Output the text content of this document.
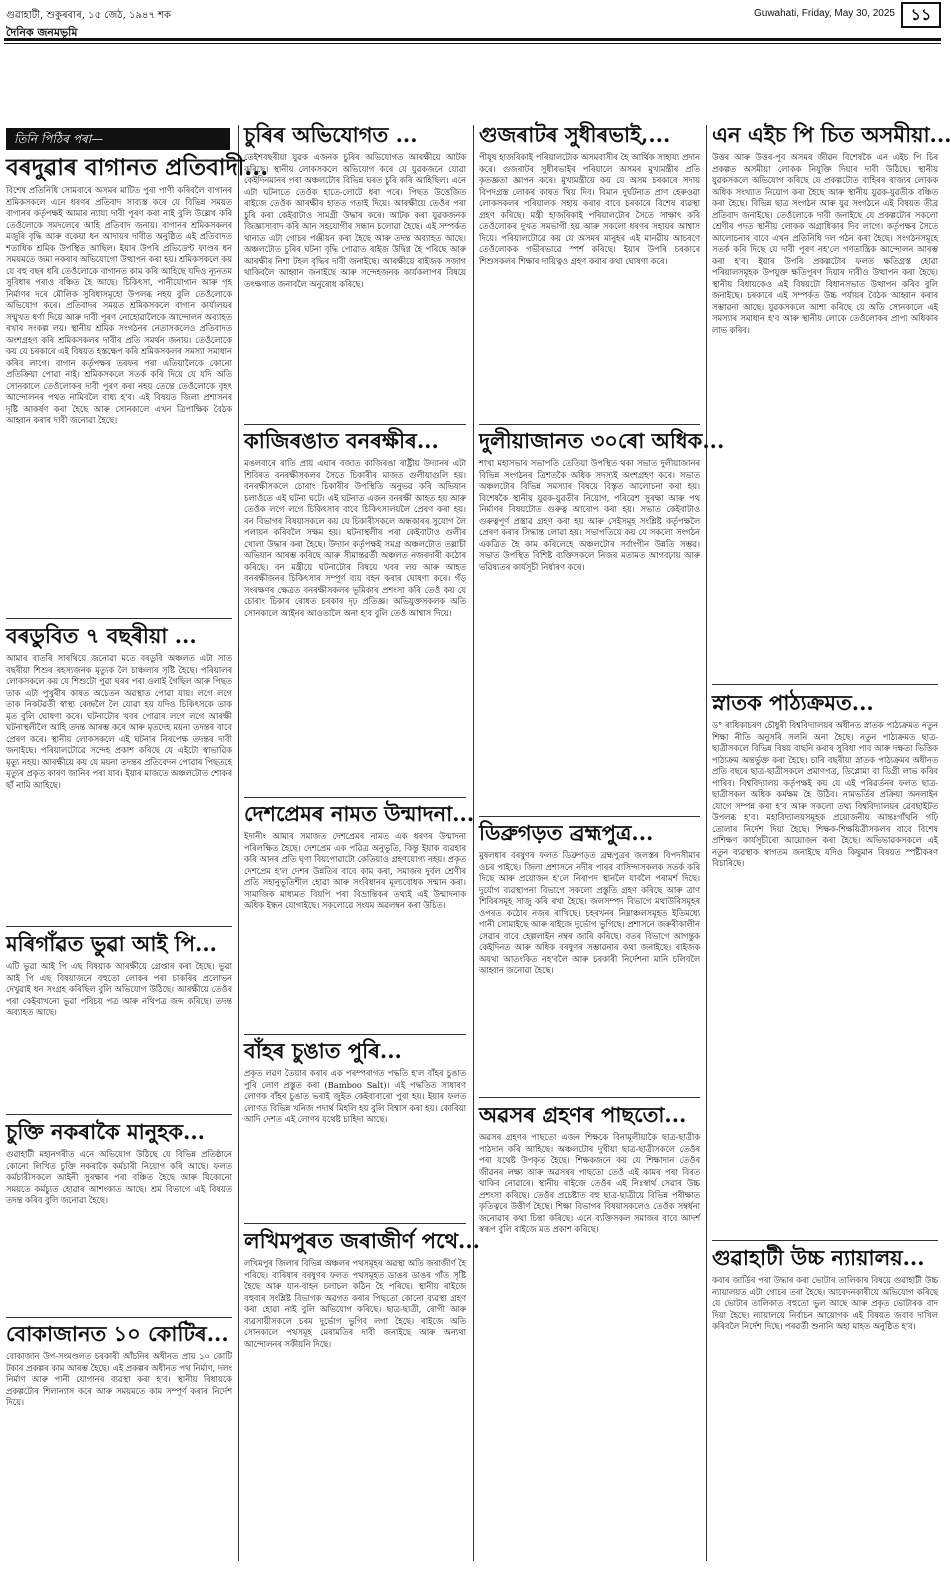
গুৱাহাটী, শুকুৰবাৰ, ১৫ জেঠ, ১৯৪৭ শক	Guwahati, Friday, May 30, 2025 ১১
দৈনিক জনমভূমি
তিনি পিঠিৰ পৰা—
বৰদুৱাৰ বাগানত প্ৰতিবাদী...

বিশেষ প্ৰতিনিধি সোমবাৰে অসমৰ মাটিত পুৰা পাণী কৰিবলৈ বাগানৰ শ্ৰমিকসকলে এনে ধৰণৰ প্ৰতিবাদ সাব্যস্ত কৰে যে বিভিন্ন সময়ত বাগানৰ কৰ্তৃপক্ষই আমাৰ ন্যায্য দাবী পূৰণ কৰা নাই বুলি উল্লেখ কৰি তেওঁলোকে সমদলেৰে আহি প্ৰতিবাদ জনায়। বাগানৰ শ্ৰমিকসকলৰ মজুৰি বৃদ্ধি আৰু বকেয়া ধন আদায়ৰ দাবীত অনুষ্ঠিত এই প্ৰতিবাদত শতাধিক শ্ৰমিক উপস্থিত আছিল। ইয়াৰ উপৰি প্ৰভিডেণ্ট ফাণ্ডৰ ধন সময়মতে জমা নকৰাৰ অভিযোগো উত্থাপন কৰা হয়। শ্ৰমিকসকলে কয় যে বহু বছৰ ধৰি তেওঁলোকে বাগানত কাম কৰি আহিছে যদিও ন্যূনতম সুবিধাৰ পৰাও বঞ্চিত হৈ আছে। চিকিৎসা, পানীযোগান আৰু গৃহ নিৰ্মাণৰ দৰে মৌলিক সুবিধাসমূহো উপলব্ধ নহয় বুলি তেওঁলোকে অভিযোগ কৰে। প্ৰতিবাদৰ সময়ত শ্ৰমিকসকলে বাগান কাৰ্যালয়ৰ সন্মুখত ধৰ্ণা দিয়ে আৰু দাবী পূৰণ নোহোৱালৈকে আন্দোলন অব্যাহত ৰখাৰ সংকল্প লয়। স্থানীয় শ্ৰমিক সংগঠনৰ নেতাসকলেও প্ৰতিবাদত অংশগ্ৰহণ কৰি শ্ৰমিকসকলৰ দাবীৰ প্ৰতি সমৰ্থন জনায়। তেওঁলোকে কয় যে চৰকাৰে এই বিষয়ত হস্তক্ষেপ কৰি শ্ৰমিকসকলৰ সমস্যা সমাধান কৰিব লাগে। বাগান কৰ্তৃপক্ষৰ তৰফৰ পৰা এতিয়ালৈকে কোনো প্ৰতিক্ৰিয়া পোৱা নাই। শ্ৰমিকসকলে সতৰ্ক কৰি দিয়ে যে যদি অতি সোনকালে তেওঁলোকৰ দাবী পূৰণ কৰা নহয় তেন্তে তেওঁলোকে বৃহৎ আন্দোলনৰ পথত নামিবলৈ বাধ্য হ'ব। এই বিষয়ত জিলা প্ৰশাসনৰ দৃষ্টি আকৰ্ষণ কৰা হৈছে আৰু সোনকালে এখন ত্ৰিপাক্ষিক বৈঠক আহ্বান কৰাৰ দাবী জনোৱা হৈছে।

বৰডুবিত ৭ বছৰীয়া ...

আমাৰ বাতৰি সাৰথিয়ে জনোৱা মতে বৰডুবি অঞ্চলত এটা সাত বছৰীয়া শিশুৰ ৰহস্যজনক মৃত্যুক লৈ চাঞ্চল্যৰ সৃষ্টি হৈছে। পৰিয়ালৰ লোকসকলে কয় যে শিশুটো পুৱা ঘৰৰ পৰা ওলাই গৈছিল আৰু পিছত তাক এটা পুখুৰীৰ কাষত অচেতন অৱস্থাত পোৱা যায়। লগে লগে তাক নিকটৱৰ্তী স্বাস্থ্য কেন্দ্ৰলৈ লৈ যোৱা হয় যদিও চিকিৎসকে তাক মৃত বুলি ঘোষণা কৰে। ঘটনাটোৰ খবৰ পোৱাৰ লগে লগে আৰক্ষী ঘটনাস্থলীলৈ আহি তদন্ত আৰম্ভ কৰে আৰু মৃতদেহ ময়না তদন্তৰ বাবে প্ৰেৰণ কৰে। স্থানীয় লোকসকলে এই ঘটনাৰ নিৰপেক্ষ তদন্তৰ দাবী জনাইছে। পৰিয়ালটোৱে সন্দেহ প্ৰকাশ কৰিছে যে এইটো স্বাভাৱিক মৃত্যু নহয়। আৰক্ষীয়ে কয় যে ময়না তদন্তৰ প্ৰতিবেদন পোৱাৰ পিছতহে মৃত্যুৰ প্ৰকৃত কাৰণ জানিব পৰা যাব। ইয়াৰ মাজতে অঞ্চলটোত শোকৰ ছাঁ নামি আহিছে।

মৰিগাঁৱত ভুৱা আই পি...

এটি ভুৱা আই পি এছ বিষয়াক আৰক্ষীয়ে গ্ৰেপ্তাৰ কৰা হৈছে। ভুৱা আই পি এছ বিষয়াজনে বহুতো লোকৰ পৰা চাকৰিৰ প্ৰলোভন দেখুৱাই ধন সংগ্ৰহ কৰিছিল বুলি অভিযোগ উঠিছে। আৰক্ষীয়ে তেওঁৰ পৰা কেইবাখনো ভুৱা পৰিচয় পত্ৰ আৰু নথিপত্ৰ জব্দ কৰিছে। তদন্ত অব্যাহত আছে।

চুক্তি নকৰাকৈ মানুহক...

গুৱাহাটী মহানগৰীত এনে অভিযোগ উঠিছে যে বিভিন্ন প্ৰতিষ্ঠানে কোনো লিখিত চুক্তি নকৰাকৈ কৰ্মচাৰী নিয়োগ কৰি আছে। ফলত কৰ্মচাৰীসকলে আইনী সুৰক্ষাৰ পৰা বঞ্চিত হৈছে আৰু যিকোনো সময়তে কৰ্মচ্যুত হোৱাৰ আশংকাত আছে। শ্ৰম বিভাগে এই বিষয়ত তদন্ত কৰিব বুলি জনোৱা হৈছে।

বোকাজানত ১০ কোটিৰ...

বোকাজান উপ-সংমণ্ডলত চৰকাৰী আঁচনিৰ অধীনত প্ৰায় ১০ কোটি টকাৰ প্ৰকল্পৰ কাম আৰম্ভ হৈছে। এই প্ৰকল্পৰ অধীনত পথ নিৰ্মাণ, দলং নিৰ্মাণ আৰু পানী যোগানৰ ব্যৱস্থা কৰা হ'ব। স্থানীয় বিধায়কে প্ৰকল্পটোৰ শিলান্যাস কৰে আৰু সময়মতে কাম সম্পূৰ্ণ কৰাৰ নিৰ্দেশ দিয়ে।

চুৰিৰ অভিযোগত ...

তেইশবছৰীয়া যুৱক এজনক চুৰিৰ অভিযোগত আৰক্ষীয়ে আটক কৰিছে। স্থানীয় লোকসকলে অভিযোগ কৰে যে যুৱকজনে যোৱা কেইদিনমানৰ পৰা অঞ্চলটোৰ বিভিন্ন ঘৰত চুৰি কৰি আহিছিল। এনে এটা ঘটনাতে তেওঁক হাতে-লোটে ধৰা পৰে। পিছত উত্তেজিত ৰাইজে তেওঁক আৰক্ষীৰ হাতত গতাই দিয়ে। আৰক্ষীয়ে তেওঁৰ পৰা চুৰি কৰা কেইবাটাও সামগ্ৰী উদ্ধাৰ কৰে। আটক কৰা যুৱকজনক জিজ্ঞাসাবাদ কৰি আন সহযোগীৰ সন্ধান চলোৱা হৈছে। এই সম্পৰ্কত থানাত এটা গোচৰ পঞ্জীয়ন কৰা হৈছে আৰু তদন্ত অব্যাহত আছে। অঞ্চলটোত চুৰিৰ ঘটনা বৃদ্ধি পোৱাত ৰাইজ উদ্বিগ্ন হৈ পৰিছে আৰু আৰক্ষীৰ নিশা টহল বৃদ্ধিৰ দাবী জনাইছে। আৰক্ষীয়ে ৰাইজক সজাগ থাকিবলৈ আহ্বান জনাইছে আৰু সন্দেহজনক কাৰ্যকলাপৰ বিষয়ে তৎক্ষণাত জনাবলৈ অনুৰোধ কৰিছে।

কাজিৰঙাত বনৰক্ষীৰ...

মঙলবাৰে ৰাতি প্ৰায় এঘাৰ বজাত কাজিৰঙা ৰাষ্ট্ৰীয় উদ্যানৰ এটা শিবিৰত বনৰক্ষীসকলৰ সৈতে চিকাৰীৰ মাজত গুলীয়াগুলি হয়। বনৰক্ষীসকলে চোৰাং চিকাৰীৰ উপস্থিতি অনুভৱ কৰি অভিযান চলাওঁতে এই ঘটনা ঘটে। এই ঘটনাত এজন বনৰক্ষী আহত হয় আৰু তেওঁক লগে লগে চিকিৎসাৰ বাবে চিকিৎসালয়লৈ প্ৰেৰণ কৰা হয়। বন বিভাগৰ বিষয়াসকলে কয় যে চিকাৰীসকলে অন্ধকাৰৰ সুযোগ লৈ পলায়ন কৰিবলৈ সক্ষম হয়। ঘটনাস্থলীৰ পৰা কেইবাটাও গুলীৰ খোলা উদ্ধাৰ কৰা হৈছে। উদ্যান কৰ্তৃপক্ষই সমগ্ৰ অঞ্চলটোত তল্লাচী অভিযান আৰম্ভ কৰিছে আৰু সীমান্তৱৰ্তী অঞ্চলত নজৰদাৰী কঠোৰ কৰিছে। বন মন্ত্ৰীয়ে ঘটনাটোৰ বিষয়ে খবৰ লয় আৰু আহত বনৰক্ষীজনৰ চিকিৎসাৰ সম্পূৰ্ণ ব্যয় বহন কৰাৰ ঘোষণা কৰে। গঁড় সংৰক্ষণৰ ক্ষেত্ৰত বনৰক্ষীসকলৰ ভূমিকাৰ প্ৰশংসা কৰি তেওঁ কয় যে চোৰাং চিকাৰ ৰোধত চৰকাৰ দৃঢ় প্ৰতিজ্ঞ। অভিযুক্তসকলক অতি সোনকালে আইনৰ আওতালৈ অনা হ'ব বুলি তেওঁ আশ্বাস দিয়ে।

দেশপ্ৰেমৰ নামত উন্মাদনা...

ইদানীং আমাৰ সমাজত দেশপ্ৰেমৰ নামত এক ধৰণৰ উন্মাদনা পৰিলক্ষিত হৈছে। দেশপ্ৰেম এক পৱিত্ৰ অনুভূতি, কিন্তু ইয়াক ব্যৱহাৰ কৰি আনৰ প্ৰতি ঘৃণা বিয়পোৱাটো কেতিয়াও গ্ৰহণযোগ্য নহয়। প্ৰকৃত দেশপ্ৰেম হ'ল দেশৰ উন্নতিৰ বাবে কাম কৰা, সমাজৰ দুৰ্বল শ্ৰেণীৰ প্ৰতি সহানুভূতিশীল হোৱা আৰু সংবিধানৰ মূল্যবোধক সন্মান কৰা। সামাজিক মাধ্যমত বিয়পি পৰা বিভ্ৰান্তিকৰ তথ্যই এই উন্মাদনাক অধিক ইন্ধন যোগাইছে। সকলোৱে সংযম অৱলম্বন কৰা উচিত।

বাঁহৰ চুঙাত পুৰি...

প্ৰকৃত লৱণ তৈয়াৰ কৰাৰ এক পৰম্পৰাগত পদ্ধতি হ'ল বাঁহৰ চুঙাত পুৰি লোণ প্ৰস্তুত কৰা (Bamboo Salt)। এই পদ্ধতিত সাধাৰণ লোণক বাঁহৰ চুঙাত ভৰাই জুইত কেইবাবাৰো পুৰা হয়। ইয়াৰ ফলত লোণত বিভিন্ন খনিজ পদাৰ্থ মিহলি হয় বুলি বিশ্বাস কৰা হয়। কোৰিয়া আদি দেশত এই লোণৰ যথেষ্ট চাহিদা আছে।

লখিমপুৰত জৰাজীৰ্ণ পথে...

লখিমপুৰ জিলাৰ বিভিন্ন অঞ্চলৰ পথসমূহৰ অৱস্থা অতি জৰাজীৰ্ণ হৈ পৰিছে। বাৰিষাৰ বৰষুণৰ ফলত পথসমূহত ডাঙৰ ডাঙৰ গাঁত সৃষ্টি হৈছে আৰু যান-বাহন চলাচল কঠিন হৈ পৰিছে। স্থানীয় ৰাইজে বহুবাৰ সংশ্লিষ্ট বিভাগক অৱগত কৰাৰ পিছতো কোনো ব্যৱস্থা গ্ৰহণ কৰা হোৱা নাই বুলি অভিযোগ কৰিছে। ছাত্ৰ-ছাত্ৰী, ৰোগী আৰু ব্যৱসায়ীসকলে চৰম দুৰ্ভোগ ভুগিব লগা হৈছে। ৰাইজে অতি সোনকালে পথসমূহ মেৰামতিৰ দাবী জনাইছে আৰু অন্যথা আন্দোলনৰ সকীয়নি দিছে।

গুজৰাটৰ সুধীৰভাই,...

পীযূষ হাজৰিকাই পৰিয়ালটোক অসমবাসীৰ হৈ আৰ্থিক সাহায্য প্ৰদান কৰে। গুজৰাটৰ সুধীৰভাইৰ পৰিয়ালে অসমৰ মুখ্যমন্ত্ৰীৰ প্ৰতি কৃতজ্ঞতা জ্ঞাপন কৰে। মুখ্যমন্ত্ৰীয়ে কয় যে অসম চৰকাৰে সদায় বিপদগ্ৰস্ত লোকৰ কাষত থিয় দিব। বিমান দুৰ্ঘটনাত প্ৰাণ হেৰুওৱা লোকসকলৰ পৰিয়ালক সহায় কৰাৰ বাবে চৰকাৰে বিশেষ ব্যৱস্থা গ্ৰহণ কৰিছে। মন্ত্ৰী হাজৰিকাই পৰিয়ালটোৰ সৈতে সাক্ষাৎ কৰি তেওঁলোকৰ দুখত সমভাগী হয় আৰু সকলো ধৰণৰ সহায়ৰ আশ্বাস দিয়ে। পৰিয়ালটোৱে কয় যে অসমৰ মানুহৰ এই মানৱীয় আচৰণে তেওঁলোকক গভীৰভাৱে স্পৰ্শ কৰিছে। ইয়াৰ উপৰি চৰকাৰে শিশুসকলৰ শিক্ষাৰ দায়িত্বও গ্ৰহণ কৰাৰ কথা ঘোষণা কৰে।

দুলীয়াজানত ৩০ৰো অধিক...

শাখা মহাসভাৰ সভাপতি তেতিয়া উপস্থিত থকা সভাত দুলীয়াজানৰ বিভিন্ন সংগঠনৰ ত্ৰিশতকৈ অধিক সদস্যই অংশগ্ৰহণ কৰে। সভাত অঞ্চলটোৰ বিভিন্ন সমস্যাৰ বিষয়ে বিস্তৃত আলোচনা কৰা হয়। বিশেষকৈ স্থানীয় যুৱক-যুৱতীৰ নিয়োগ, পৰিৱেশ সুৰক্ষা আৰু পথ নিৰ্মাণৰ বিষয়টোত গুৰুত্ব আৰোপ কৰা হয়। সভাত কেইবাটাও গুৰুত্বপূৰ্ণ প্ৰস্তাৱ গ্ৰহণ কৰা হয় আৰু সেইসমূহ সংশ্লিষ্ট কৰ্তৃপক্ষলৈ প্ৰেৰণ কৰাৰ সিদ্ধান্ত লোৱা হয়। সভাপতিয়ে কয় যে সকলো সংগঠন একত্ৰিত হৈ কাম কৰিলেহে অঞ্চলটোৰ সৰ্বাংগীন উন্নতি সম্ভৱ। সভাত উপস্থিত বিশিষ্ট ব্যক্তিসকলে নিজৰ মতামত আগবঢ়ায় আৰু ভৱিষ্যতৰ কাৰ্যসূচী নিৰ্ধাৰণ কৰে।

ডিব্ৰুগড়ত ব্ৰহ্মপুত্ৰ...

মুষলধাৰ বৰষুণৰ ফলত ডিব্ৰুগড়ত ব্ৰহ্মপুত্ৰৰ জলস্তৰ বিপদসীমাৰ ওচৰ পাইছে। জিলা প্ৰশাসনে নদীৰ পাৰৰ বাসিন্দাসকলক সতৰ্ক কৰি দিছে আৰু প্ৰয়োজন হ'লে নিৰাপদ স্থানলৈ যাবলৈ পৰামৰ্শ দিছে। দুৰ্যোগ ব্যৱস্থাপনা বিভাগে সকলো প্ৰস্তুতি গ্ৰহণ কৰিছে আৰু ত্ৰাণ শিবিৰসমূহ সাজু কৰি ৰখা হৈছে। জলসম্পদ বিভাগে মথাউৰিসমূহৰ ওপৰত কঠোৰ নজৰ ৰাখিছে। চহৰখনৰ নিম্নাঞ্চলসমূহত ইতিমধ্যে পানী সোমাইছে আৰু ৰাইজে দুৰ্ভোগ ভুগিছে। প্ৰশাসনে জৰুৰীকালীন সেৱাৰ বাবে হেল্পলাইন নম্বৰ জাৰি কৰিছে। বতৰ বিভাগে আগন্তুক কেইদিনত আৰু অধিক বৰষুণৰ সম্ভাৱনাৰ কথা জনাইছে। ৰাইজক অযথা আতংকিত নহ'বলৈ আৰু চৰকাৰী নিৰ্দেশনা মানি চলিবলৈ আহ্বান জনোৱা হৈছে।

অৱসৰ গ্ৰহণৰ পাছতো...

অৱসৰ গ্ৰহণৰ পাছতো এজন শিক্ষকে বিনামূলীয়াকৈ ছাত্ৰ-ছাত্ৰীক পাঠদান কৰি আহিছে। অঞ্চলটোৰ দুখীয়া ছাত্ৰ-ছাত্ৰীসকলে তেওঁৰ পৰা যথেষ্ট উপকৃত হৈছে। শিক্ষকজনে কয় যে শিক্ষাদান তেওঁৰ জীৱনৰ লক্ষ্য আৰু অৱসৰৰ পাছতো তেওঁ এই কামৰ পৰা বিৰত থাকিব নোৱাৰে। স্থানীয় ৰাইজে তেওঁৰ এই নিঃস্বাৰ্থ সেৱাৰ উচ্চ প্ৰশংসা কৰিছে। তেওঁৰ প্ৰচেষ্টাত বহু ছাত্ৰ-ছাত্ৰীয়ে বিভিন্ন পৰীক্ষাত কৃতিত্বৰে উত্তীৰ্ণ হৈছে। শিক্ষা বিভাগৰ বিষয়াসকলেও তেওঁক সম্বৰ্ধনা জনোৱাৰ কথা চিন্তা কৰিছে। এনে ব্যক্তিসকল সমাজৰ বাবে আদৰ্শ স্বৰূপ বুলি ৰাইজে মত প্ৰকাশ কৰিছে।

এন এইচ পি চিত অসমীয়া...

উত্তৰ আৰু উত্তৰ-পূব অসমৰ জীৱন বিশেষকৈ এন এইচ পি চিৰ প্ৰকল্পত অসমীয়া লোকক নিযুক্তি দিয়াৰ দাবী উঠিছে। স্থানীয় যুৱকসকলে অভিযোগ কৰিছে যে প্ৰকল্পটোত বাহিৰৰ ৰাজ্যৰ লোকক অধিক সংখ্যাত নিয়োগ কৰা হৈছে আৰু স্থানীয় যুৱক-যুৱতীক বঞ্চিত কৰা হৈছে। বিভিন্ন ছাত্ৰ সংগঠন আৰু যুৱ সংগঠনে এই বিষয়ত তীব্ৰ প্ৰতিবাদ জনাইছে। তেওঁলোকে দাবী জনাইছে যে প্ৰকল্পটোৰ সকলো শ্ৰেণীৰ পদত স্থানীয় লোকক অগ্ৰাধিকাৰ দিব লাগে। কৰ্তৃপক্ষৰ সৈতে আলোচনাৰ বাবে এখন প্ৰতিনিধি দল গঠন কৰা হৈছে। সংগঠনসমূহে সতৰ্ক কৰি দিছে যে দাবী পূৰণ নহ'লে গণতান্ত্ৰিক আন্দোলন আৰম্ভ কৰা হ'ব। ইয়াৰ উপৰি প্ৰকল্পটোৰ ফলত ক্ষতিগ্ৰস্ত হোৱা পৰিয়ালসমূহক উপযুক্ত ক্ষতিপূৰণ দিয়াৰ দাবীও উত্থাপন কৰা হৈছে। স্থানীয় বিধায়কেও এই বিষয়টো বিধানসভাত উত্থাপন কৰিব বুলি জনাইছে। চৰকাৰে এই সম্পৰ্কত উচ্চ পৰ্যায়ৰ বৈঠক আহ্বান কৰাৰ সম্ভাৱনা আছে। যুৱকসকলে আশা কৰিছে যে অতি সোনকালে এই সমস্যাৰ সমাধান হ'ব আৰু স্থানীয় লোকে তেওঁলোকৰ প্ৰাপ্য অধিকাৰ লাভ কৰিব।

স্নাতক পাঠ্যক্ৰমত...

ড° ৰাধিকাচৰণ চৌধুৰী বিশ্ববিদ্যালয়ৰ অধীনত স্নাতক পাঠ্যক্ৰমত নতুন শিক্ষা নীতি অনুসৰি সলনি অনা হৈছে। নতুন পাঠ্যক্ৰমত ছাত্ৰ-ছাত্ৰীসকলে বিভিন্ন বিষয় বাছনি কৰাৰ সুবিধা পাব আৰু দক্ষতা ভিত্তিক পাঠ্যক্ৰম অন্তৰ্ভুক্ত কৰা হৈছে। চাৰি বছৰীয়া স্নাতক পাঠ্যক্ৰমৰ অধীনত প্ৰতি বছৰে ছাত্ৰ-ছাত্ৰীসকলে প্ৰমাণপত্ৰ, ডিপ্লোমা বা ডিগ্ৰী লাভ কৰিব পাৰিব। বিশ্ববিদ্যালয় কৰ্তৃপক্ষই কয় যে এই পৰিৱৰ্তনৰ ফলত ছাত্ৰ-ছাত্ৰীসকল অধিক কৰ্মক্ষম হৈ উঠিব। নামভৰ্তিৰ প্ৰক্ৰিয়া অনলাইন যোগে সম্পন্ন কৰা হ'ব আৰু সকলো তথ্য বিশ্ববিদ্যালয়ৰ ৱেবছাইটত উপলব্ধ হ'ব। মহাবিদ্যালয়সমূহক প্ৰয়োজনীয় আন্তঃগাঁথনি গঢ়ি তোলাৰ নিৰ্দেশ দিয়া হৈছে। শিক্ষক-শিক্ষয়িত্ৰীসকলৰ বাবে বিশেষ প্ৰশিক্ষণ কাৰ্যসূচীৰো আয়োজন কৰা হৈছে। অভিভাৱকসকলে এই নতুন ব্যৱস্থাক স্বাগতম জনাইছে যদিও কিছুমান বিষয়ত স্পষ্টীকৰণ বিচাৰিছে।

গুৱাহাটী উচ্চ ন্যায়ালয়...

কবাৰ জাৰ্ডিৰ পৰা উদ্ধাৰ কৰা ভোটাৰ তালিকাৰ বিষয়ে গুৱাহাটী উচ্চ ন্যায়ালয়ত এটা গোচৰ তৰা হৈছে। আবেদনকাৰীয়ে অভিযোগ কৰিছে যে ভোটাৰ তালিকাত বহুতো ভুল আছে আৰু প্ৰকৃত ভোটাৰক বাদ দিয়া হৈছে। ন্যায়ালয়ে নিৰ্বাচন আয়োগক এই বিষয়ত জবাব দাখিল কৰিবলৈ নিৰ্দেশ দিছে। পৰৱৰ্তী শুনানি অহা মাহত অনুষ্ঠিত হ'ব।
